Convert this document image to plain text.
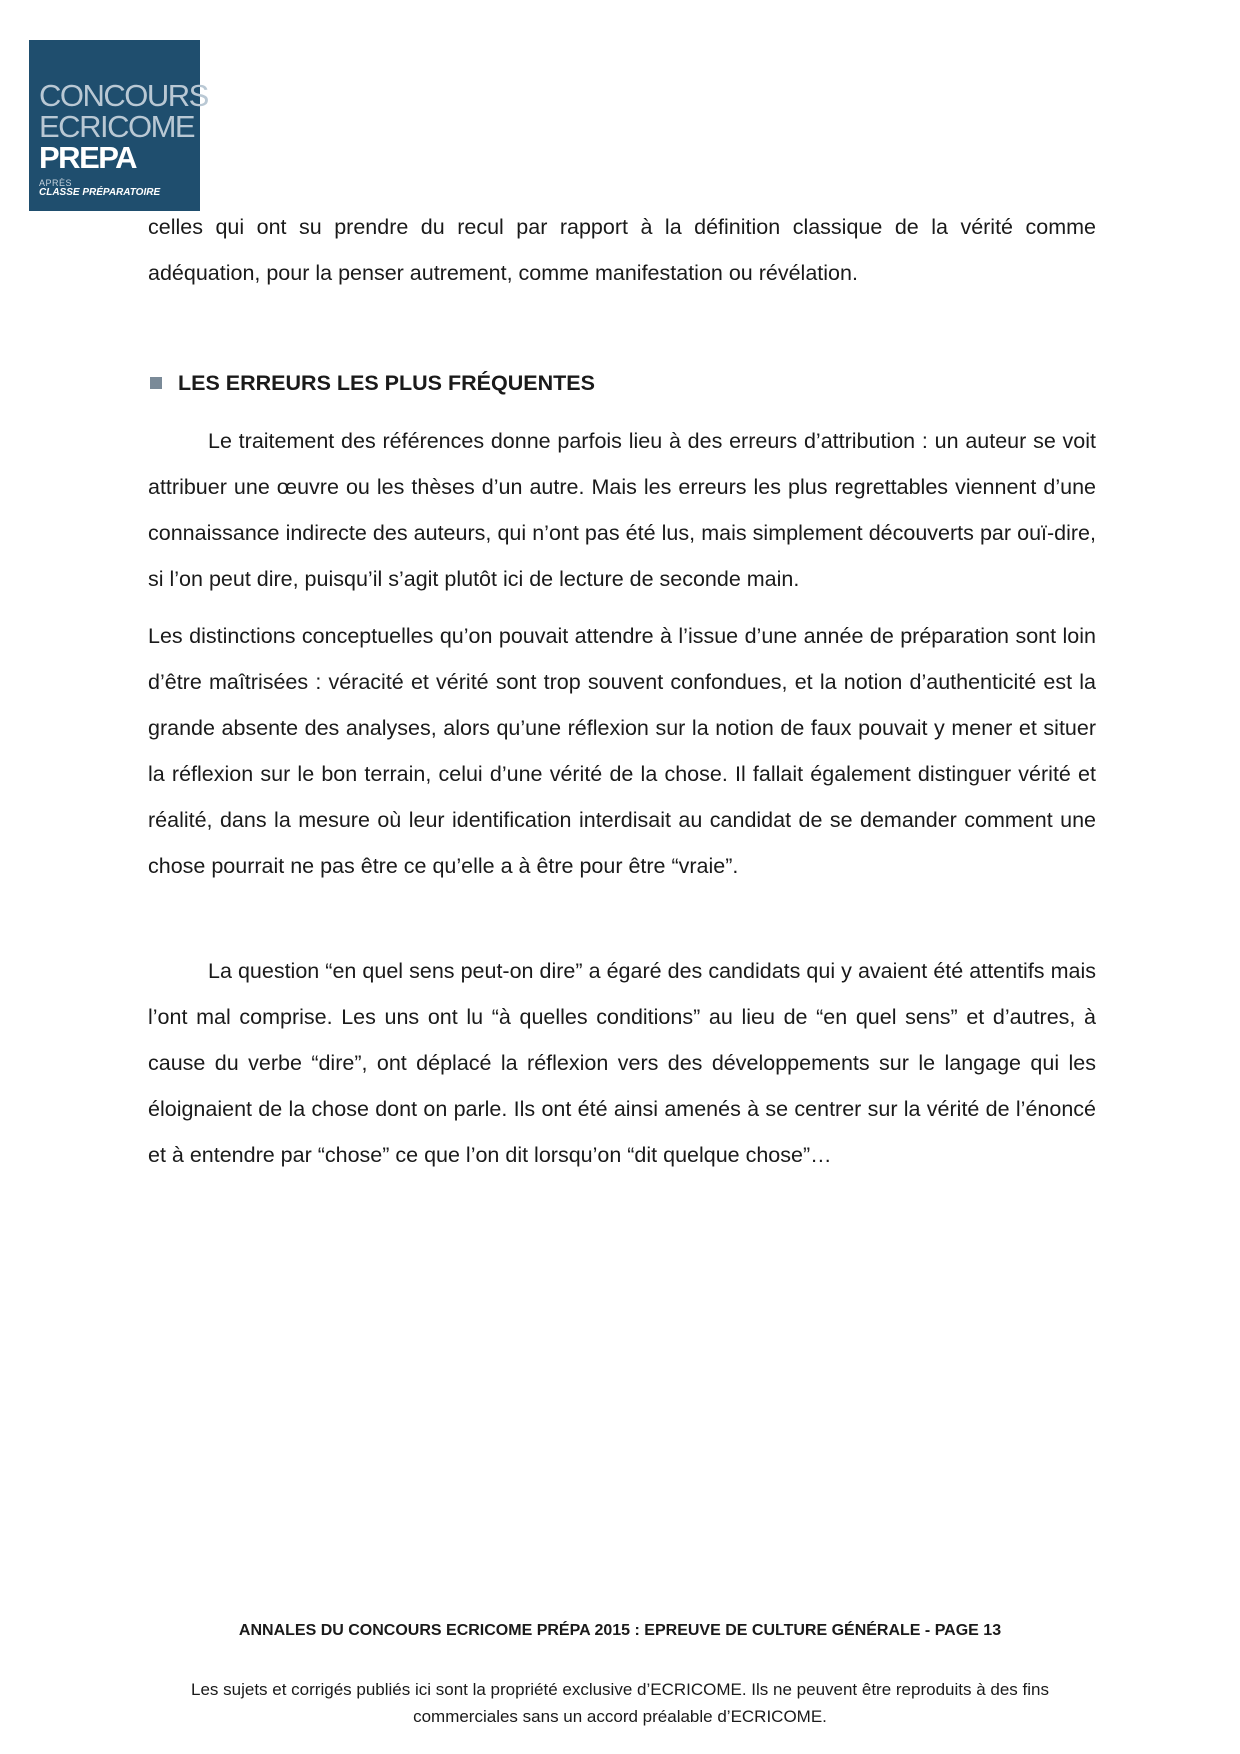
CONCOURS
ECRICOME
PREPA
APRÈS
CLASSE PRÉPARATOIRE

celles qui ont su prendre du recul par rapport à la définition classique de la vérité comme adéquation, pour la penser autrement, comme manifestation ou révélation.

LES ERREURS LES PLUS FRÉQUENTES

Le traitement des références donne parfois lieu à des erreurs d’attribution : un auteur se voit attribuer une œuvre ou les thèses d’un autre. Mais les erreurs les plus regrettables viennent d’une connaissance indirecte des auteurs, qui n’ont pas été lus, mais simplement découverts par ouï-dire, si l’on peut dire, puisqu’il s’agit plutôt ici de lecture de seconde main.

Les distinctions conceptuelles qu’on pouvait attendre à l’issue d’une année de préparation sont loin d’être maîtrisées : véracité et vérité sont trop souvent confondues, et la notion d’authenticité est la grande absente des analyses, alors qu’une réflexion sur la notion de faux pouvait y mener et situer la réflexion sur le bon terrain, celui d’une vérité de la chose. Il fallait également distinguer vérité et réalité, dans la mesure où leur identification interdisait au candidat de se demander comment une chose pourrait ne pas être ce qu’elle a à être pour être “vraie”.

La question “en quel sens peut-on dire” a égaré des candidats qui y avaient été attentifs mais l’ont mal comprise. Les uns ont lu “à quelles conditions” au lieu de “en quel sens” et d’autres, à cause du verbe “dire”, ont déplacé la réflexion vers des développements sur le langage qui les éloignaient de la chose dont on parle. Ils ont été ainsi amenés à se centrer sur la vérité de l’énoncé et à entendre par “chose” ce que l’on dit lorsqu’on “dit quelque chose”…

ANNALES DU CONCOURS ECRICOME PRÉPA 2015 : EPREUVE DE CULTURE GÉNÉRALE - PAGE 13
Les sujets et corrigés publiés ici sont la propriété exclusive d’ECRICOME. Ils ne peuvent être reproduits à des fins commerciales sans un accord préalable d’ECRICOME.
